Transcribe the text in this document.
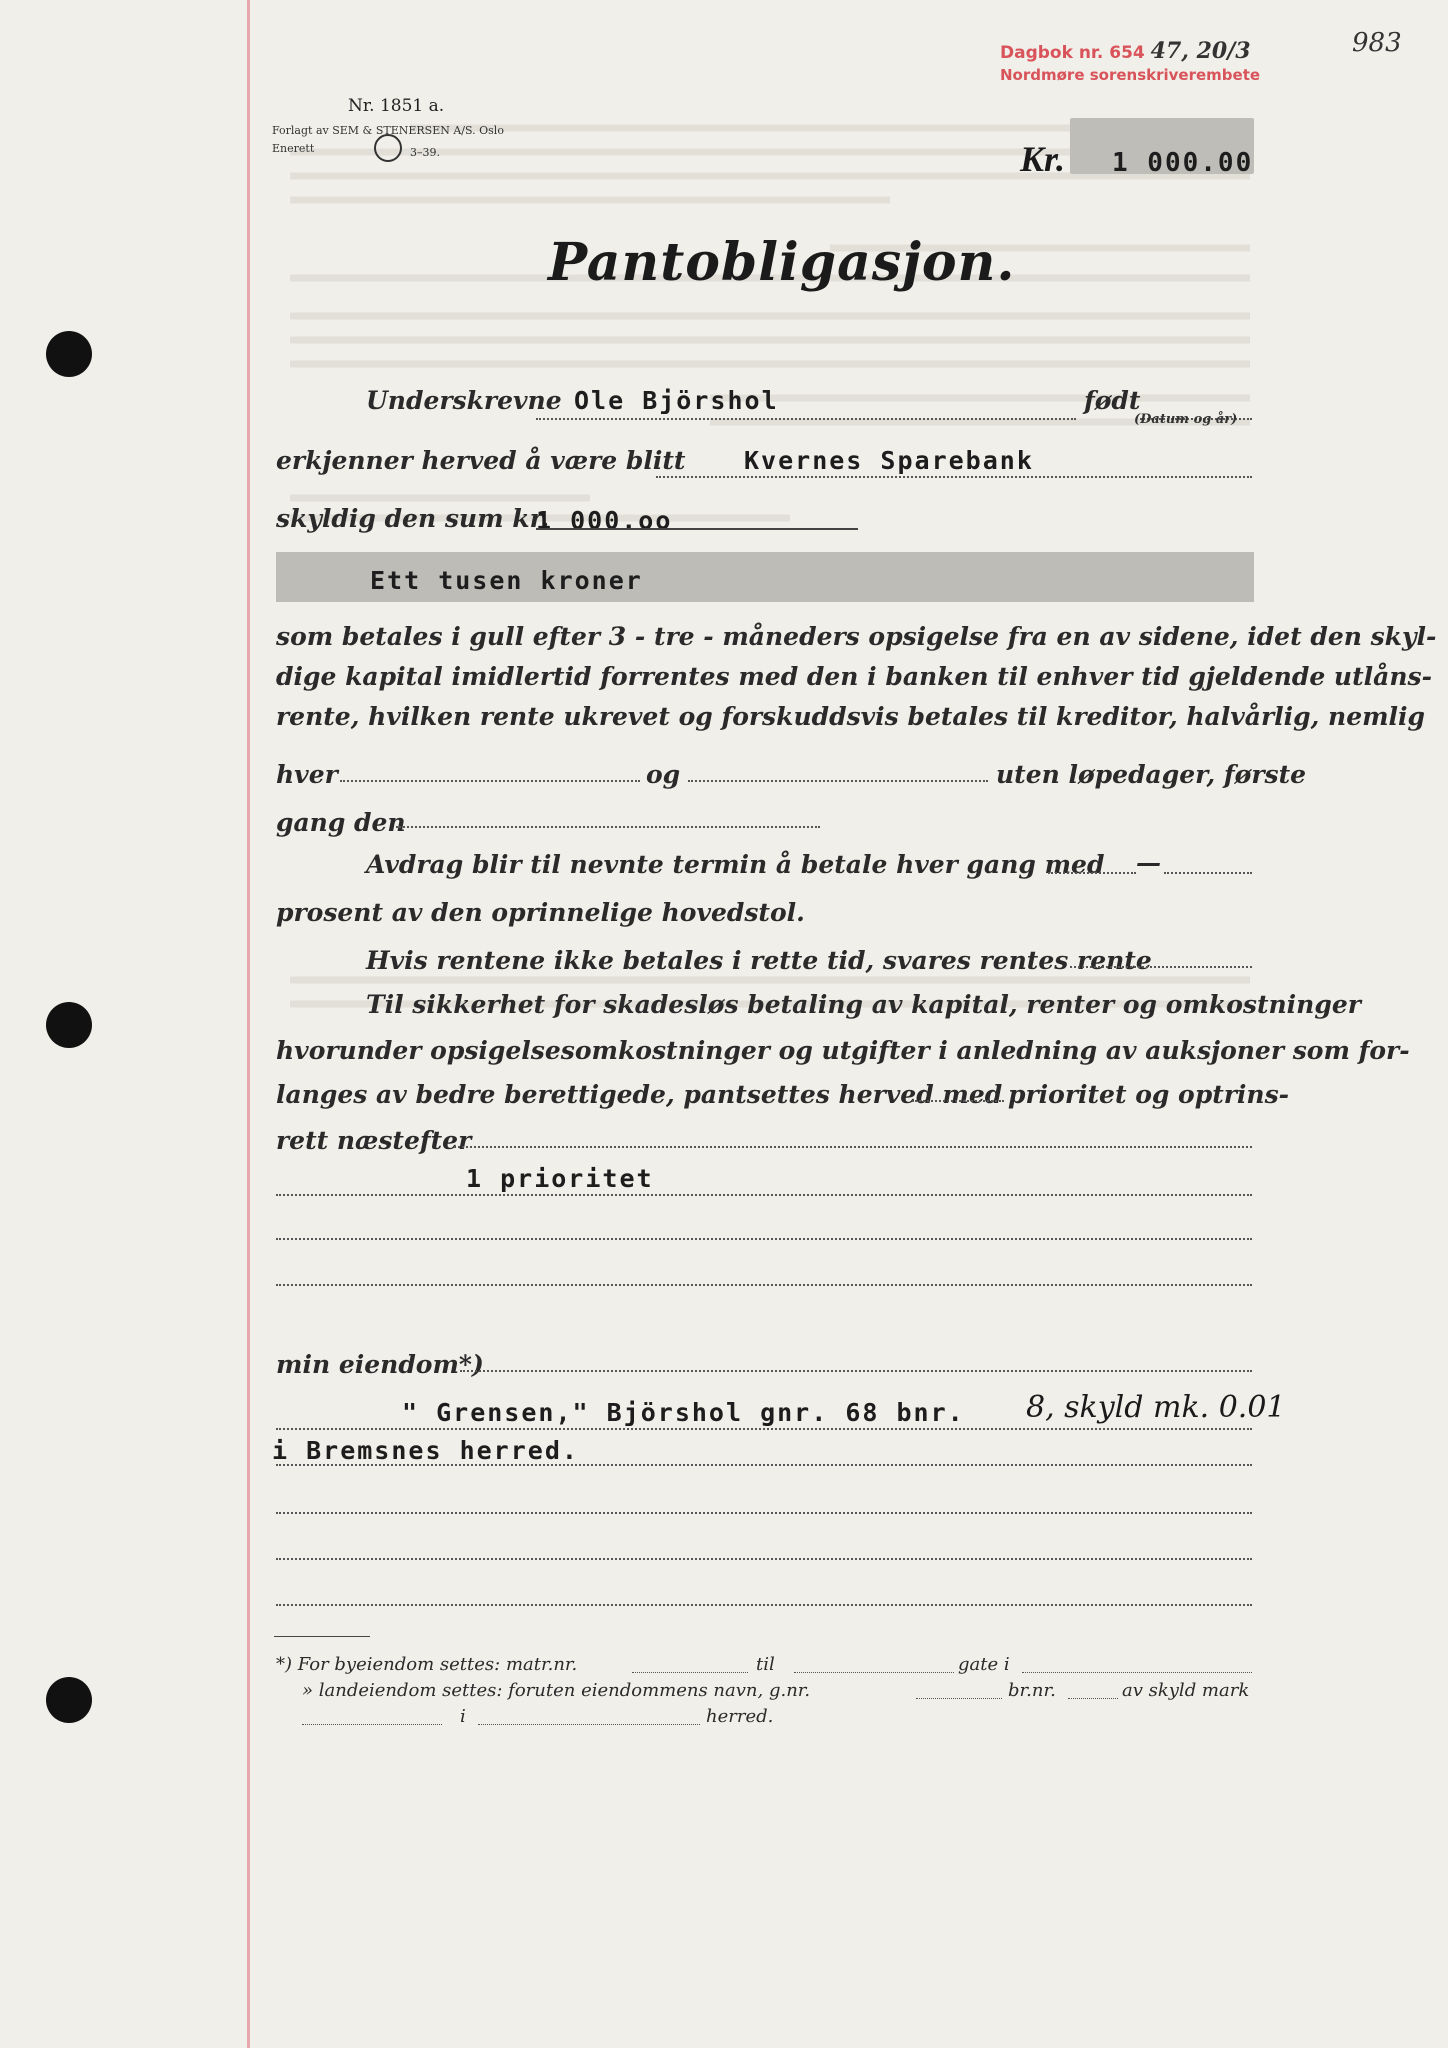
Dagbok nr. 654 47, 20/3
Nordmøre sorenskriverembete
983
Nr. 1851 a.
Forlagt av SEM & STENERSEN A/S. Oslo
Enerett	3–39.	Kr. 1 000.00
Pantobligasjon.
Underskrevne Ole Björshol	født
(Datum og år)
erkjenner herved å være blitt Kvernes Sparebank
skyldig den sum kr.
1 000.oo
Ett tusen kroner
som betales i gull efter 3 - tre - måneders opsigelse fra en av sidene, idet den skyl-
dige kapital imidlertid forrentes med den i banken til enhver tid gjeldende utlåns-
rente, hvilken rente ukrevet og forskuddsvis betales til kreditor, halvårlig, nemlig
hver	og	uten løpedager, første
gang den
Avdrag blir til nevnte termin å betale hver gang med —
prosent av den oprinnelige hovedstol.
Hvis rentene ikke betales i rette tid, svares rentes rente
Til sikkerhet for skadesløs betaling av kapital, renter og omkostninger
hvorunder opsigelsesomkostninger og utgifter i anledning av auksjoner som for-
langes av bedre berettigede, pantsettes herved med prioritet og optrins-
rett næstefter
1 prioritet
min eiendom*)
" Grensen," Björshol gnr. 68 bnr. 8, skyld mk. 0.01
i Bremsnes herred.
*) For byeiendom settes: matr.nr.	til	gate i
» landeiendom settes: foruten eiendommens navn, g.nr.	br.nr.	av skyld mark
i	herred.
